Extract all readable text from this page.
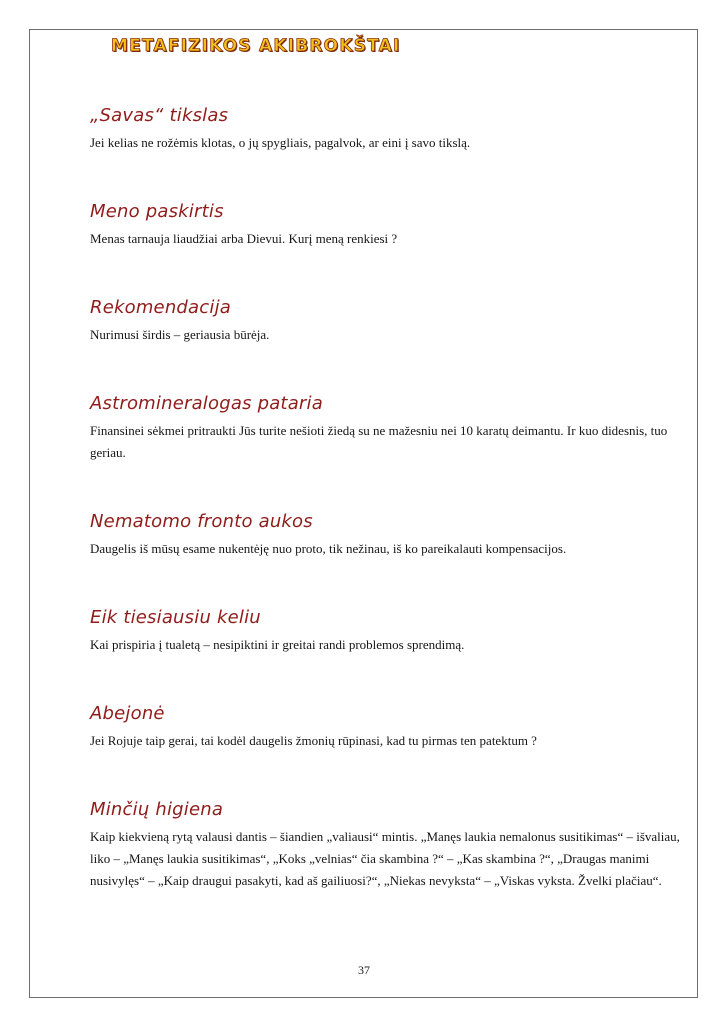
METAFIZIKOS AKIBROKŠTAI
„Savas“ tikslas

Jei kelias ne rožėmis klotas, o jų spygliais, pagalvok, ar eini į savo tikslą.

Meno paskirtis

Menas tarnauja liaudžiai arba Dievui. Kurį meną renkiesi ?

Rekomendacija

Nurimusi širdis – geriausia būrėja.

Astromineralogas pataria

Finansinei sėkmei pritraukti Jūs turite nešioti žiedą su ne mažesniu nei 10 karatų deimantu. Ir kuo didesnis, tuo geriau.

Nematomo fronto aukos

Daugelis iš mūsų esame nukentėję nuo proto, tik nežinau, iš ko pareikalauti kompensacijos.

Eik tiesiausiu keliu

Kai prispiria į tualetą – nesipiktini ir greitai randi problemos sprendimą.

Abejonė

Jei Rojuje taip gerai, tai kodėl daugelis žmonių rūpinasi, kad tu pirmas ten patektum ?

Minčių higiena

Kaip kiekvieną rytą valausi dantis – šiandien „valiausi“ mintis. „Manęs laukia nemalonus susitikimas“ – išvaliau, liko – „Manęs laukia susitikimas“, „Koks „velnias“ čia skambina ?“ – „Kas skambina ?“, „Draugas manimi nusivylęs“ – „Kaip draugui pasakyti, kad aš gailiuosi?“, „Niekas nevyksta“ – „Viskas vyksta. Žvelki plačiau“.

37
